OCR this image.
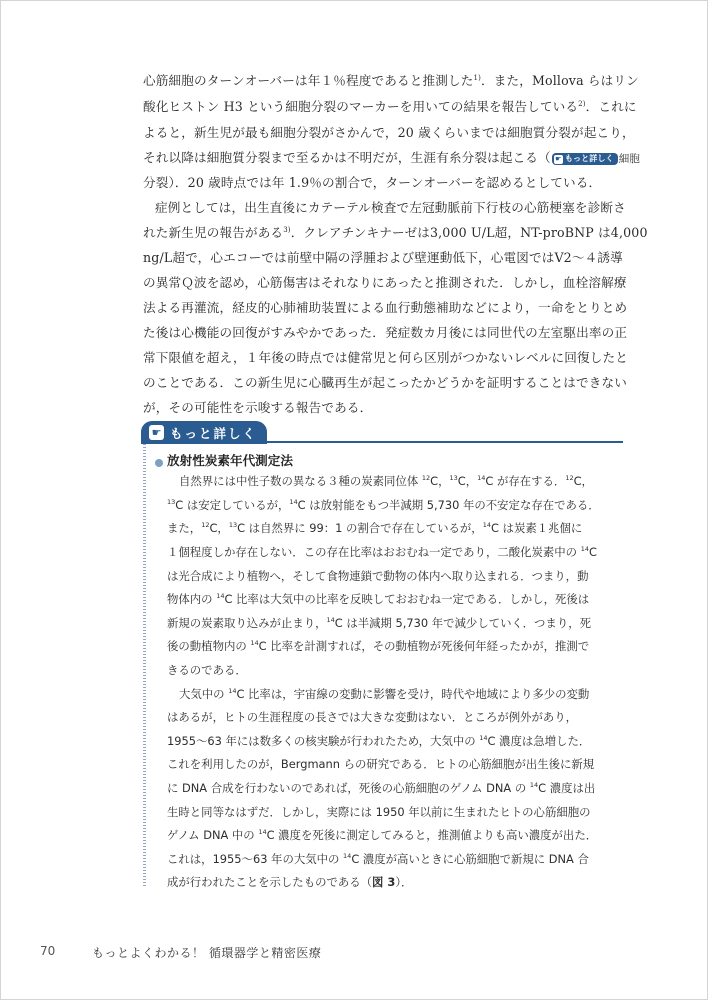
心筋細胞のターンオーバーは年１％程度であると推測した$^{1)}$．また，Mollova らはリン
酸化ヒストン H3 という細胞分裂のマーカーを用いての結果を報告している$^{2)}$．これに
よると，新生児が最も細胞分裂がさかんで，20 歳くらいまでは細胞質分裂が起こり，
それ以降は細胞質分裂まで至るかは不明だが，生涯有糸分裂は起こる（ ☛ もっと詳しく 細胞
分裂）．20 歳時点では年 1.9％の割合で，ターンオーバーを認めるとしている．
症例としては，出生直後にカテーテル検査で左冠動脈前下行枝の心筋梗塞を診断さ
れた新生児の報告がある$^{3)}$．クレアチンキナーゼは3,000 U/L超，NT-proBNP は4,000
ng/L超で，心エコーでは前壁中隔の浮腫および壁運動低下，心電図ではV2～４誘導
の異常Ｑ波を認め，心筋傷害はそれなりにあったと推測された．しかし，血栓溶解療
法よる再灌流，経皮的心肺補助装置による血行動態補助などにより，一命をとりとめ
た後は心機能の回復がすみやかであった．発症数カ月後には同世代の左室駆出率の正
常下限値を超え，１年後の時点では健常児と何ら区別がつかないレベルに回復したと
のことである．この新生児に心臓再生が起こったかどうかを証明することはできない
が，その可能性を示唆する報告である．
☛ もっと詳しく
放射性炭素年代測定法
自然界には中性子数の異なる３種の炭素同位体 $^{12}$C，$^{13}$C，$^{14}$C が存在する．$^{12}$C，
$^{13}$C は安定しているが，$^{14}$C は放射能をもつ半減期 5,730 年の不安定な存在である．
また，$^{12}$C，$^{13}$C は自然界に 99：1 の割合で存在しているが，$^{14}$C は炭素１兆個に
１個程度しか存在しない．この存在比率はおおむね一定であり，二酸化炭素中の $^{14}$C
は光合成により植物へ，そして食物連鎖で動物の体内へ取り込まれる．つまり，動
物体内の $^{14}$C 比率は大気中の比率を反映しておおむね一定である．しかし，死後は
新規の炭素取り込みが止まり，$^{14}$C は半減期 5,730 年で減少していく．つまり，死
後の動植物内の $^{14}$C 比率を計測すれば，その動植物が死後何年経ったかが，推測で
きるのである．
大気中の $^{14}$C 比率は，宇宙線の変動に影響を受け，時代や地域により多少の変動
はあるが，ヒトの生涯程度の長さでは大きな変動はない．ところが例外があり，
1955～63 年には数多くの核実験が行われたため，大気中の $^{14}$C 濃度は急増した．
これを利用したのが，Bergmann らの研究である．ヒトの心筋細胞が出生後に新規
に DNA 合成を行わないのであれば，死後の心筋細胞のゲノム DNA の $^{14}$C 濃度は出
生時と同等なはずだ．しかし，実際には 1950 年以前に生まれたヒトの心筋細胞の
ゲノム DNA 中の $^{14}$C 濃度を死後に測定してみると，推測値よりも高い濃度が出た．
これは，1955～63 年の大気中の $^{14}$C 濃度が高いときに心筋細胞で新規に DNA 合
成が行われたことを示したものである（図 3）．
70	もっとよくわかる！ 循環器学と精密医療
